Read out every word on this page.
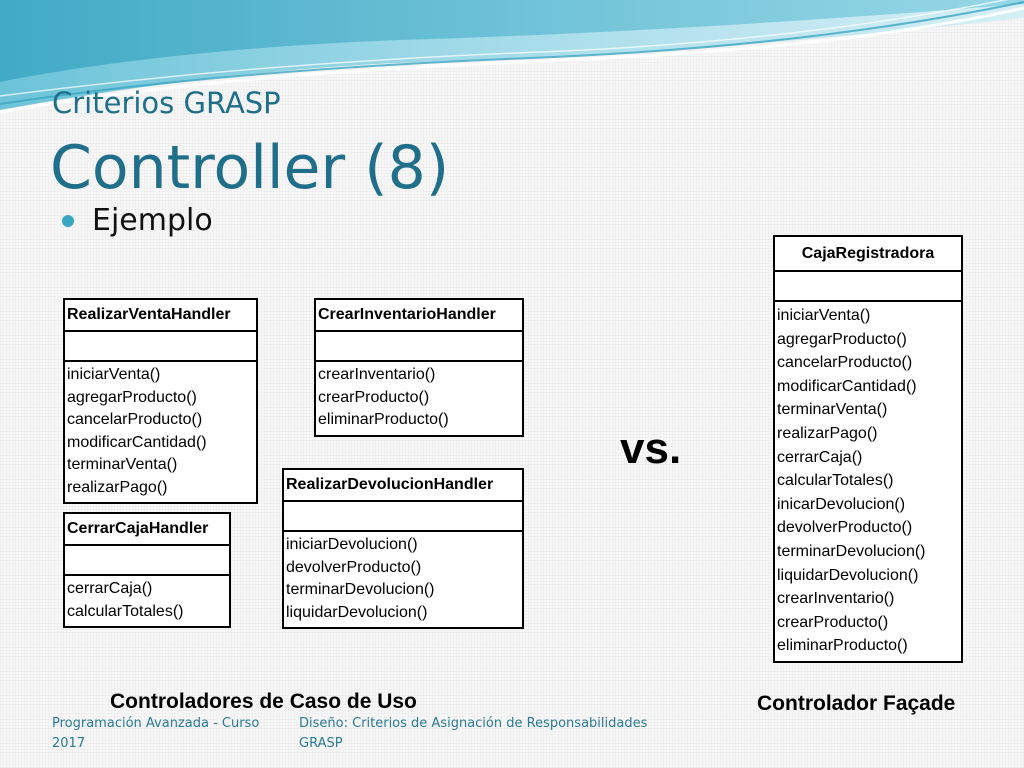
Criterios GRASP
Controller (8)
Ejemplo
RealizarVentaHandler
iniciarVenta()
agregarProducto()
cancelarProducto()
modificarCantidad()
terminarVenta()
realizarPago()
CrearInventarioHandler
crearInventario()
crearProducto()
eliminarProducto()
CerrarCajaHandler
cerrarCaja()
calcularTotales()
RealizarDevolucionHandler
iniciarDevolucion()
devolverProducto()
terminarDevolucion()
liquidarDevolucion()
vs.
CajaRegistradora
iniciarVenta()
agregarProducto()
cancelarProducto()
modificarCantidad()
terminarVenta()
realizarPago()
cerrarCaja()
calcularTotales()
inicarDevolucion()
devolverProducto()
terminarDevolucion()
liquidarDevolucion()
crearInventario()
crearProducto()
eliminarProducto()
Controladores de Caso de Uso	Controlador Façade
Programación Avanzada - Curso
2017
Diseño: Criterios de Asignación de Responsabilidades
GRASP
